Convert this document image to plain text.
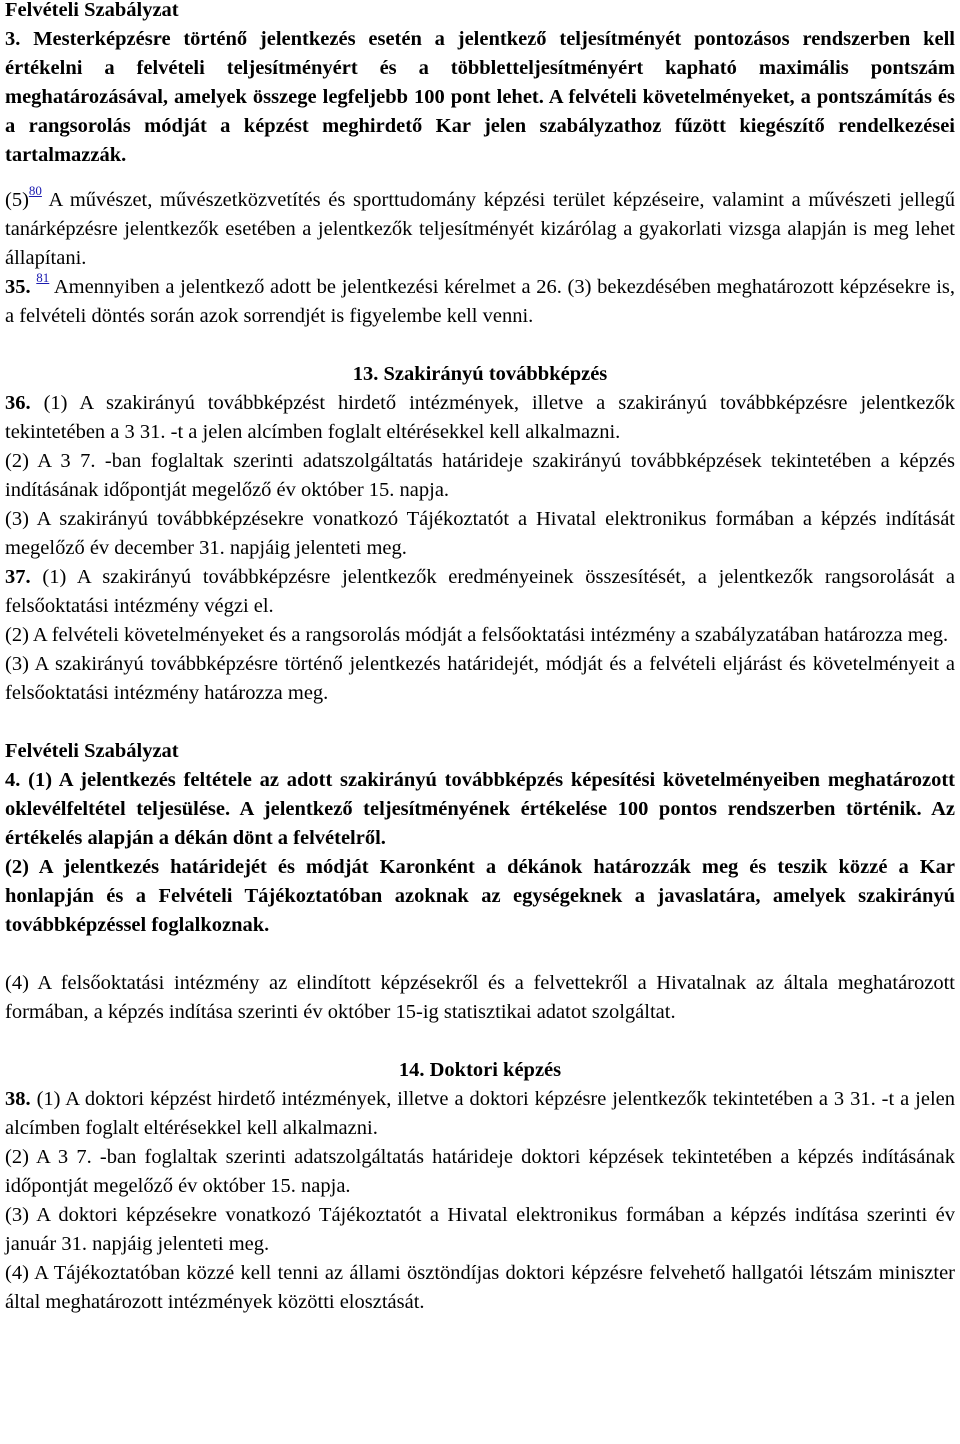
Felvételi Szabályzat

3. Mesterképzésre történő jelentkezés esetén a jelentkező teljesítményét pontozásos rendszerben kell értékelni a felvételi teljesítményért és a többletteljesítményért kapható maximális pontszám meghatározásával, amelyek összege legfeljebb 100 pont lehet. A felvételi követelményeket, a pontszámítás és a rangsorolás módját a képzést meghirdető Kar jelen szabályzathoz fűzött kiegészítő rendelkezései tartalmazzák.

(5)$^{80}$ A művészet, művészetközvetítés és sporttudomány képzési terület képzéseire, valamint a művészeti jellegű tanárképzésre jelentkezők esetében a jelentkezők teljesítményét kizárólag a gyakorlati vizsga alapján is meg lehet állapítani.

35. $^{81}$ Amennyiben a jelentkező adott be jelentkezési kérelmet a 26. (3) bekezdésében meghatározott képzésekre is, a felvételi döntés során azok sorrendjét is figyelembe kell venni.

13. Szakirányú továbbképzés

36. (1) A szakirányú továbbképzést hirdető intézmények, illetve a szakirányú továbbképzésre jelentkezők tekintetében a 3 31. -t a jelen alcímben foglalt eltérésekkel kell alkalmazni.

(2) A 3 7. -ban foglaltak szerinti adatszolgáltatás határideje szakirányú továbbképzések tekintetében a képzés indításának időpontját megelőző év október 15. napja.

(3) A szakirányú továbbképzésekre vonatkozó Tájékoztatót a Hivatal elektronikus formában a képzés indítását megelőző év december 31. napjáig jelenteti meg.

37. (1) A szakirányú továbbképzésre jelentkezők eredményeinek összesítését, a jelentkezők rangsorolását a felsőoktatási intézmény végzi el.

(2) A felvételi követelményeket és a rangsorolás módját a felsőoktatási intézmény a szabályzatában határozza meg.

(3) A szakirányú továbbképzésre történő jelentkezés határidejét, módját és a felvételi eljárást és követelményeit a felsőoktatási intézmény határozza meg.

Felvételi Szabályzat

4. (1) A jelentkezés feltétele az adott szakirányú továbbképzés képesítési követelményeiben meghatározott oklevélfeltétel teljesülése. A jelentkező teljesítményének értékelése 100 pontos rendszerben történik. Az értékelés alapján a dékán dönt a felvételről.

(2) A jelentkezés határidejét és módját Karonként a dékánok határozzák meg és teszik közzé a Kar honlapján és a Felvételi Tájékoztatóban azoknak az egységeknek a javaslatára, amelyek szakirányú továbbképzéssel foglalkoznak.

(4) A felsőoktatási intézmény az elindított képzésekről és a felvettekről a Hivatalnak az általa meghatározott formában, a képzés indítása szerinti év október 15-ig statisztikai adatot szolgáltat.

14. Doktori képzés

38. (1) A doktori képzést hirdető intézmények, illetve a doktori képzésre jelentkezők tekintetében a 3 31. -t a jelen alcímben foglalt eltérésekkel kell alkalmazni.

(2) A 3 7. -ban foglaltak szerinti adatszolgáltatás határideje doktori képzések tekintetében a képzés indításának időpontját megelőző év október 15. napja.

(3) A doktori képzésekre vonatkozó Tájékoztatót a Hivatal elektronikus formában a képzés indítása szerinti év január 31. napjáig jelenteti meg.

(4) A Tájékoztatóban közzé kell tenni az állami ösztöndíjas doktori képzésre felvehető hallgatói létszám miniszter által meghatározott intézmények közötti elosztását.
